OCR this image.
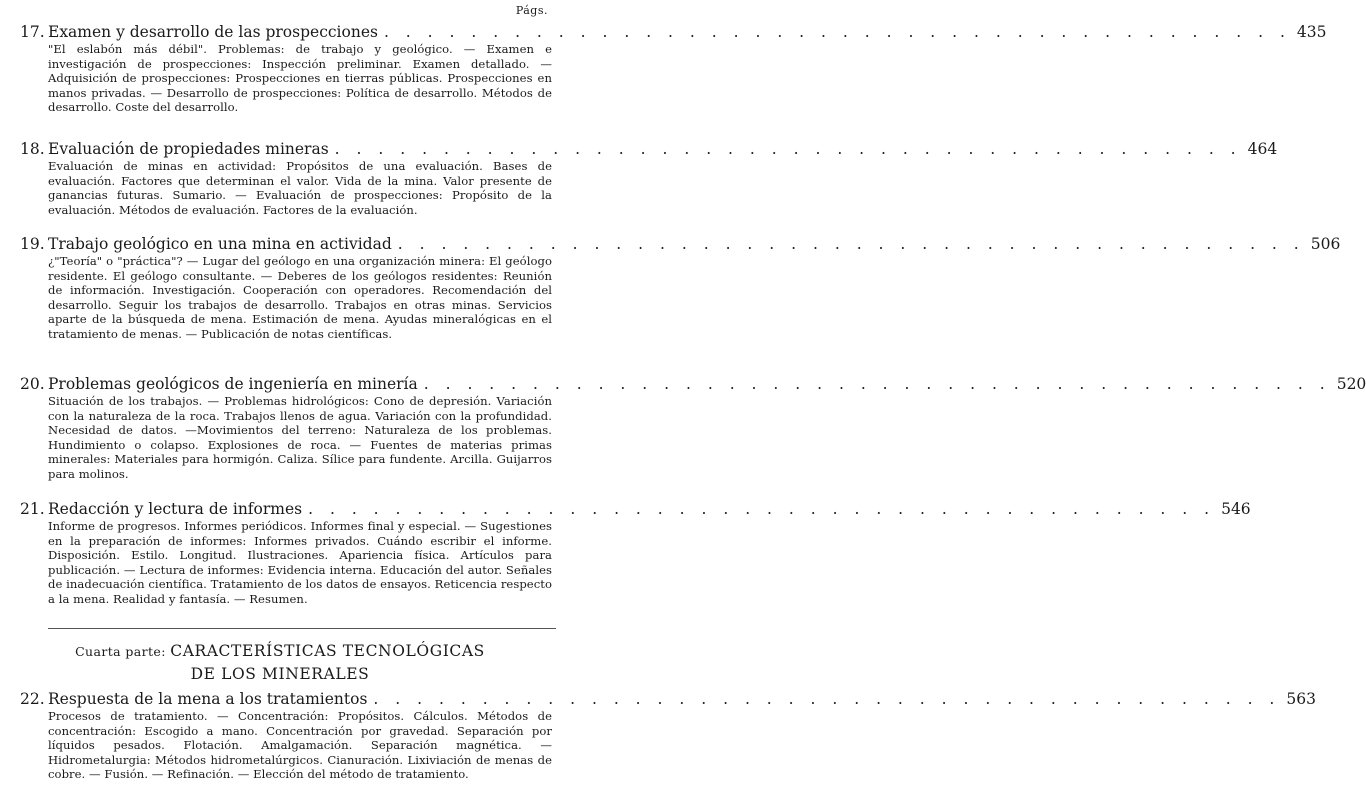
Págs.
17. Examen y desarrollo de las prospecciones . . . . . . . . . . . . . . . . . . . . . . . . . . . . . . . . . . . . . . . . . . 435
"El eslabón más débil". Problemas: de trabajo y geológico. — Examen e investigación de prospecciones: Inspección preliminar. Examen detallado. — Adquisición de prospecciones: Prospecciones en tierras públicas. Prospecciones en manos privadas. — Desarrollo de prospecciones: Política de desarrollo. Métodos de desarrollo. Coste del desarrollo.
18. Evaluación de propiedades mineras . . . . . . . . . . . . . . . . . . . . . . . . . . . . . . . . . . . . . . . . . . 464
Evaluación de minas en actividad: Propósitos de una evaluación. Bases de evaluación. Factores que determinan el valor. Vida de la mina. Valor presente de ganancias futuras. Sumario. — Evaluación de prospecciones: Propósito de la evaluación. Métodos de evaluación. Factores de la evaluación.
19. Trabajo geológico en una mina en actividad . . . . . . . . . . . . . . . . . . . . . . . . . . . . . . . . . . . . . . . . . . 506
¿"Teoría" o "práctica"? — Lugar del geólogo en una organización minera: El geólogo residente. El geólogo consultante. — Deberes de los geólogos residentes: Reunión de información. Investigación. Cooperación con operadores. Recomendación del desarrollo. Seguir los trabajos de desarrollo. Trabajos en otras minas. Servicios aparte de la búsqueda de mena. Estimación de mena. Ayudas mineralógicas en el tratamiento de menas. — Publicación de notas científicas.
20. Problemas geológicos de ingeniería en minería . . . . . . . . . . . . . . . . . . . . . . . . . . . . . . . . . . . . . . . . . . 520
Situación de los trabajos. — Problemas hidrológicos: Cono de depresión. Variación con la naturaleza de la roca. Trabajos llenos de agua. Variación con la profundidad. Necesidad de datos. —Movimientos del terreno: Naturaleza de los problemas. Hundimiento o colapso. Explosiones de roca. — Fuentes de materias primas minerales: Materiales para hormigón. Caliza. Sílice para fundente. Arcilla. Guijarros para molinos.
21. Redacción y lectura de informes . . . . . . . . . . . . . . . . . . . . . . . . . . . . . . . . . . . . . . . . . . 546
Informe de progresos. Informes periódicos. Informes final y especial. — Sugestiones en la preparación de informes: Informes privados. Cuándo escribir el informe. Disposición. Estilo. Longitud. Ilustraciones. Apariencia física. Artículos para publicación. — Lectura de informes: Evidencia interna. Educación del autor. Señales de inadecuación científica. Tratamiento de los datos de ensayos. Reticencia respecto a la mena. Realidad y fantasía. — Resumen.
Cuarta parte: CARACTERÍSTICAS TECNOLÓGICAS
DE LOS MINERALES
22. Respuesta de la mena a los tratamientos . . . . . . . . . . . . . . . . . . . . . . . . . . . . . . . . . . . . . . . . . . 563
Procesos de tratamiento. — Concentración: Propósitos. Cálculos. Métodos de concentración: Escogido a mano. Concentración por gravedad. Separación por líquidos pesados. Flotación. Amalgamación. Separación magnética. — Hidrometalurgia: Métodos hidrometalúrgicos. Cianuración. Lixiviación de menas de cobre. — Fusión. — Refinación. — Elección del método de tratamiento.
